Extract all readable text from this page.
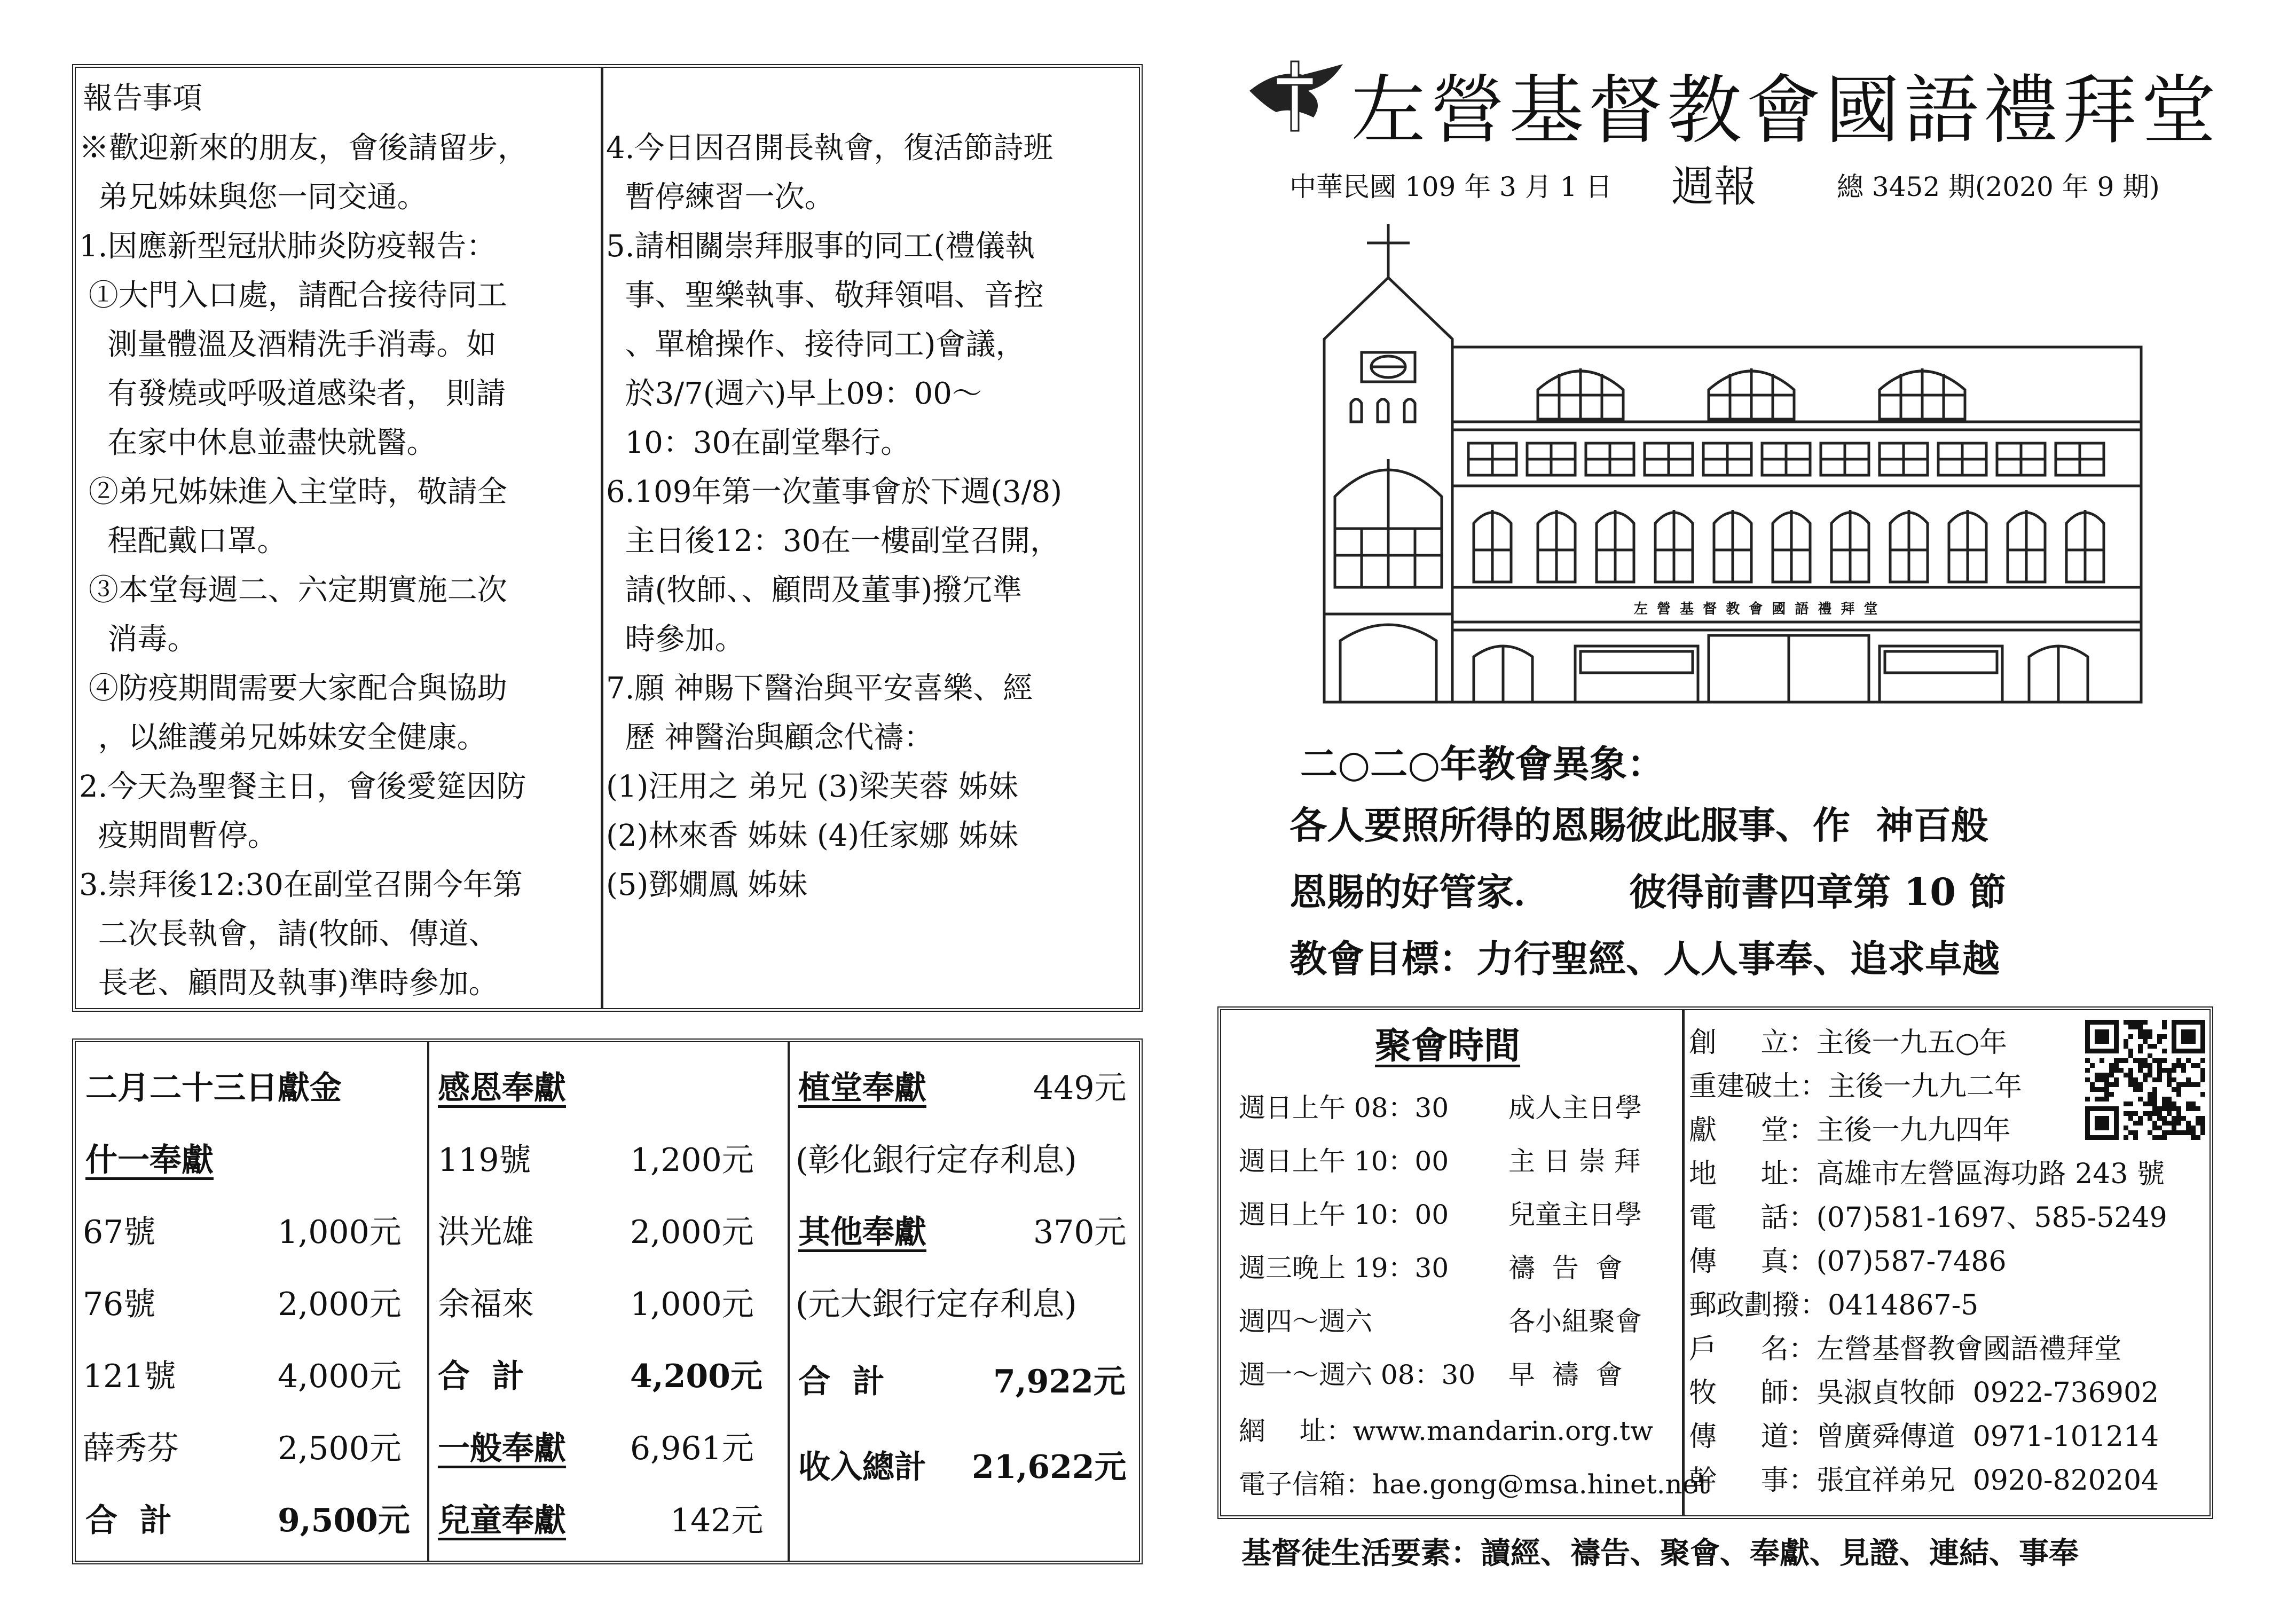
報告事項
※歡迎新來的朋友，會後請留步，
弟兄姊妹與您一同交通。
1.因應新型冠狀肺炎防疫報告：
①大門入口處，請配合接待同工
測量體溫及酒精洗手消毒。如
有發燒或呼吸道感染者， 則請
在家中休息並盡快就醫。
②弟兄姊妹進入主堂時，敬請全
程配戴口罩。
③本堂每週二、六定期實施二次
消毒。
④防疫期間需要大家配合與協助
，以維護弟兄姊妹安全健康。
2.今天為聖餐主日，會後愛筵因防
疫期間暫停。
3.崇拜後12:30在副堂召開今年第
二次長執會，請(牧師、傳道、
長老、顧問及執事)準時參加。
4.今日因召開長執會，復活節詩班
暫停練習一次。
5.請相關崇拜服事的同工(禮儀執
事、聖樂執事、敬拜領唱、音控
、單槍操作、接待同工)會議，
於3/7(週六)早上09：00～
10：30在副堂舉行。
6.109年第一次董事會於下週(3/8)
主日後12：30在一樓副堂召開，
請(牧師、、顧問及董事)撥冗準
時參加。
7.願 神賜下醫治與平安喜樂、經
歷 神醫治與顧念代禱：
(1)汪用之 弟兄 (3)梁芙蓉 姊妹
(2)林來香 姊妹 (4)任家娜 姊妹
(5)鄧嫺鳳 姊妹
二月二十三日獻金
什一奉獻
67號	1,000元
76號	2,000元
121號	4,000元
薛秀芬	2,500元
合  計	9,500元
感恩奉獻
119號	1,200元
洪光雄	2,000元
余福來	1,000元
合  計	4,200元
一般奉獻 6,961元
兒童奉獻	142元
植堂奉獻	449元
(彰化銀行定存利息)
其他奉獻	370元
(元大銀行定存利息)
合  計	7,922元
收入總計 21,622元
左營基督教會國語禮拜堂
中華民國 109 年 3 月 1 日 週報	總 3452 期(2020 年 9 期)
左 營 基 督 教 會 國 語 禮 拜 堂
二○二○年教會異象：
各人要照所得的恩賜彼此服事、作  神百般
恩賜的好管家．      彼得前書四章第 10 節
教會目標：力行聖經、人人事奉、追求卓越
聚會時間
週日上午 08：30 成人主日學
週日上午 10：00 主 日 崇 拜
週日上午 10：00 兒童主日學
週三晚上 19：30 禱  告  會
週四～週六	各小組聚會
週一～週六 08：30 早  禱  會
網    址：www.mandarin.org.tw
電子信箱：hae.gong@msa.hinet.net
創     立：主後一九五○年
重建破土：主後一九九二年
獻     堂：主後一九九四年
地     址：高雄市左營區海功路 243 號
電     話：(07)581-1697、585-5249
傳     真：(07)587-7486
郵政劃撥：0414867-5
戶     名：左營基督教會國語禮拜堂
牧     師：吳淑貞牧師  0922-736902
傳     道：曾廣舜傳道  0971-101214
幹     事：張宜祥弟兄  0920-820204
基督徒生活要素：讀經、禱告、聚會、奉獻、見證、連結、事奉
